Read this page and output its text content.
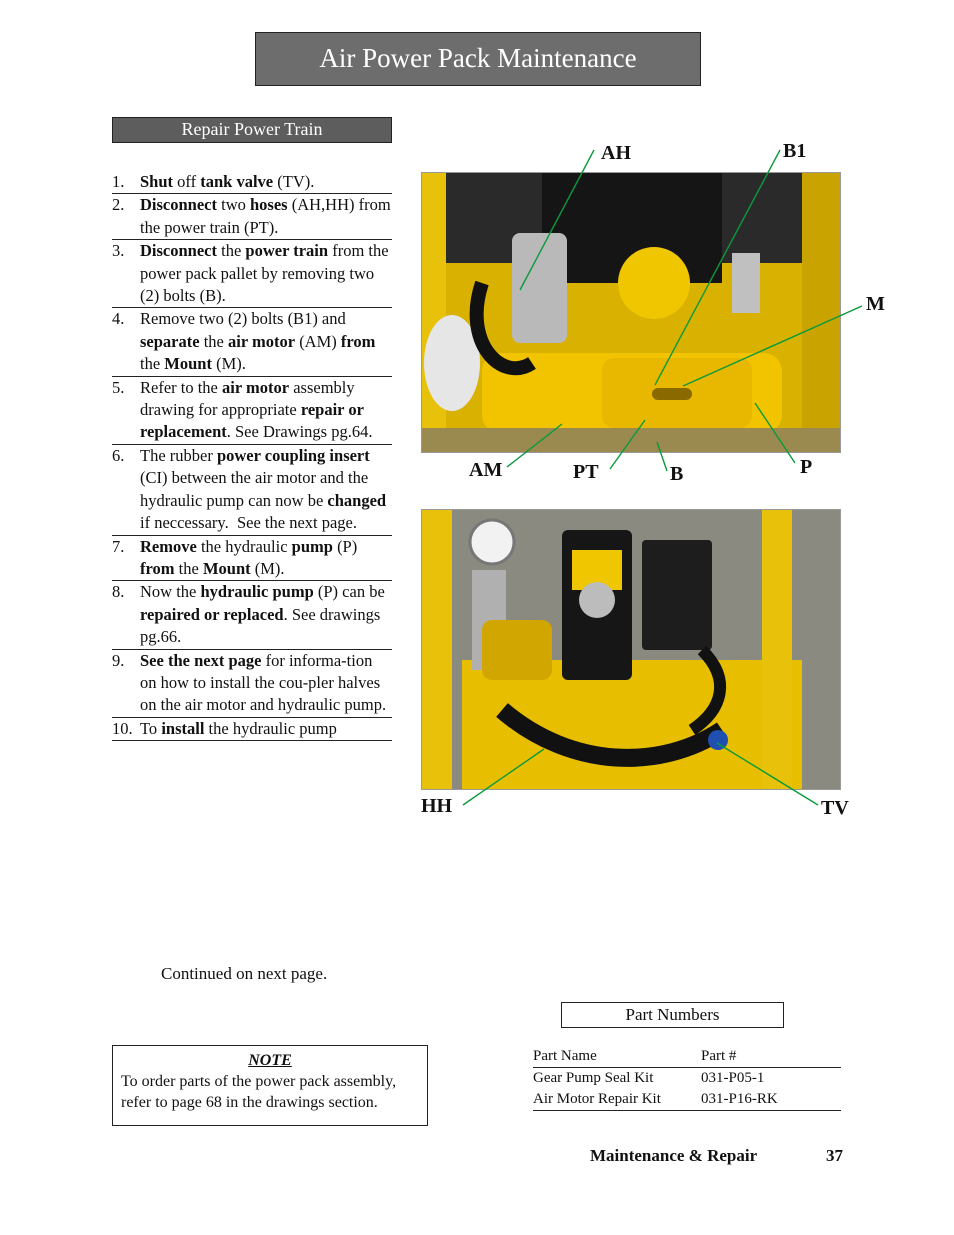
Air Power Pack Maintenance
Repair Power Train
1. Shut off tank valve (TV).
2. Disconnect two hoses (AH,HH) from the power train (PT).
3. Disconnect the power train from the power pack pallet by removing two (2) bolts (B).
4. Remove two (2) bolts (B1) and separate the air motor (AM) from the Mount (M).
5. Refer to the air motor assembly drawing for appropriate repair or replacement. See Drawings pg.64.
6. The rubber power coupling insert (CI) between the air motor and the hydraulic pump can now be changed if neccessary.  See the next page.
7. Remove the hydraulic pump (P) from the Mount (M).
8. Now the hydraulic pump (P) can be repaired or replaced. See drawings pg.66.
9. See the next page for informa-tion on how to install the cou-pler halves on the air motor and hydraulic pump.
10. To install the hydraulic pump
AH	B1
M
AM	PT	B	P
HH	TV
Continued on next page.
Part Numbers
Part Name	Part #
Gear Pump Seal Kit	031-P05-1
Air Motor Repair Kit	031-P16-RK
NOTE
To order parts of the power pack assembly, refer to page 68 in the drawings section.
Maintenance & Repair	37
